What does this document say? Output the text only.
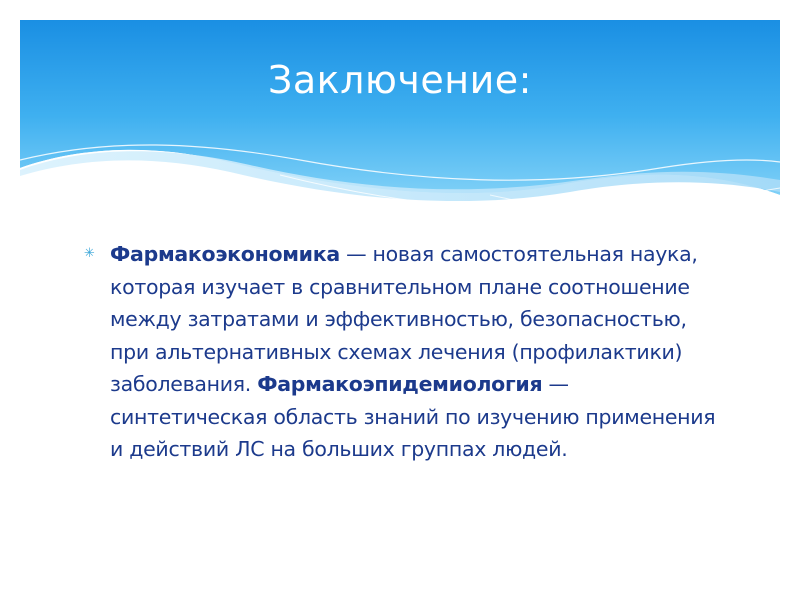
Заключение:
✳ Фармакоэкономика — новая самостоятельная наука, которая изучает в сравнительном плане соотношение между затратами и эффективностью, безопасностью, при альтернативных схемах лечения (профилактики) заболевания. Фармакоэпидемиология — синтетическая область знаний по изучению применения и действий ЛС на больших группах людей.
